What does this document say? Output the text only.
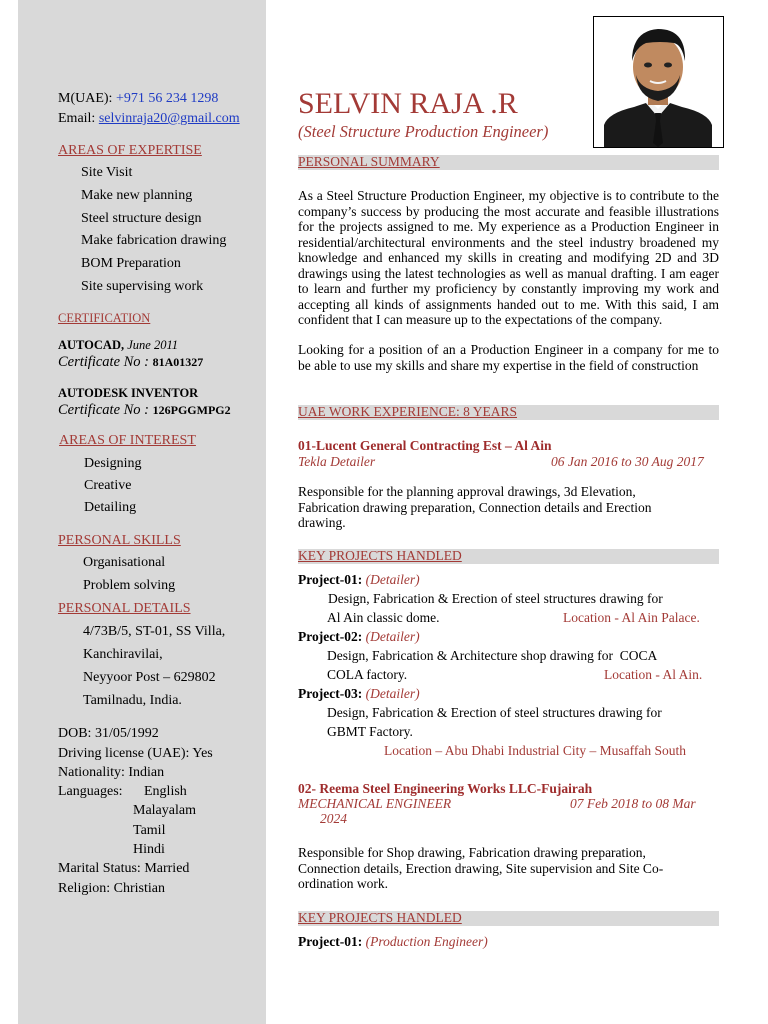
SELVIN RAJA .R
(Steel Structure Production Engineer)
M(UAE): +971 56 234 1298
Email: selvinraja20@gmail.com
AREAS OF EXPERTISE
Site Visit
Make new planning
Steel structure design
Make fabrication drawing
BOM Preparation
Site supervising work
CERTIFICATION
AUTOCAD, June 2011
Certificate No : 81A01327
AUTODESK INVENTOR
Certificate No : 126PGGMPG2
AREAS OF INTEREST
Designing
Creative
Detailing
PERSONAL SKILLS
Organisational
Problem solving
PERSONAL DETAILS
4/73B/5, ST-01, SS Villa,
Kanchiravilai,
Neyyoor Post – 629802
Tamilnadu, India.
DOB: 31/05/1992
Driving license (UAE): Yes
Nationality: Indian
Languages: English
Malayalam
Tamil
Hindi
Marital Status: Married
Religion: Christian
PERSONAL SUMMARY
As a Steel Structure Production Engineer, my objective is to contribute to the company’s success by producing the most accurate and feasible illustrations for the projects assigned to me. My experience as a Production Engineer in residential/architectural environments and the steel industry broadened my knowledge and enhanced my skills in creating and modifying 2D and 3D drawings using the latest technologies as well as manual drafting. I am eager to learn and further my proficiency by constantly improving my work and accepting all kinds of assignments handed out to me. With this said, I am confident that I can measure up to the expectations of the company.
Looking for a position of an a Production Engineer in a company for me to be able to use my skills and share my expertise in the field of construction
UAE WORK EXPERIENCE: 8 YEARS
01-Lucent General Contracting Est – Al Ain
Tekla Detailer	06 Jan 2016 to 30 Aug 2017
Responsible for the planning approval drawings, 3d Elevation, Fabrication drawing preparation, Connection details and Erection drawing.
KEY PROJECTS HANDLED
Project-01: (Detailer)
Design, Fabrication & Erection of steel structures drawing for
Al Ain classic dome.	Location - Al Ain Palace.
Project-02: (Detailer)
Design, Fabrication & Architecture shop drawing for  COCA
COLA factory.	Location - Al Ain.
Project-03: (Detailer)
Design, Fabrication & Erection of steel structures drawing for
GBMT Factory.
Location – Abu Dhabi Industrial City – Musaffah South
02- Reema Steel Engineering Works LLC-Fujairah
MECHANICAL ENGINEER	07 Feb 2018 to 08 Mar
2024
Responsible for Shop drawing, Fabrication drawing preparation, Connection details, Erection drawing, Site supervision and Site Co-ordination work.
KEY PROJECTS HANDLED
Project-01: (Production Engineer)
